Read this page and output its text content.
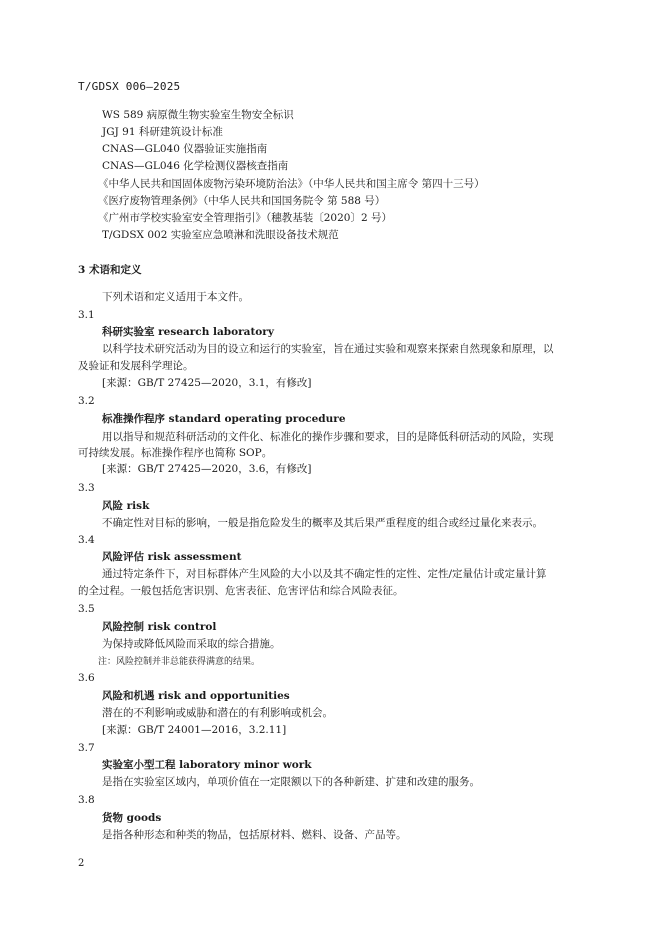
T/GDSX 006—2025
WS 589 病原微生物实验室生物安全标识
JGJ 91 科研建筑设计标准
CNAS—GL040 仪器验证实施指南
CNAS—GL046 化学检测仪器核查指南
《中华人民共和国固体废物污染环境防治法》（中华人民共和国主席令 第四十三号）
《医疗废物管理条例》（中华人民共和国国务院令 第 588 号）
《广州市学校实验室安全管理指引》（穗教基装〔2020〕2 号）
T/GDSX 002 实验室应急喷淋和洗眼设备技术规范
3 术语和定义
下列术语和定义适用于本文件。
3.1
科研实验室 research laboratory
以科学技术研究活动为目的设立和运行的实验室，旨在通过实验和观察来探索自然现象和原理，以
及验证和发展科学理论。
[来源：GB/T 27425—2020，3.1，有修改]
3.2
标准操作程序 standard operating procedure
用以指导和规范科研活动的文件化、标准化的操作步骤和要求，目的是降低科研活动的风险，实现
可持续发展。标准操作程序也简称 SOP。
[来源：GB/T 27425—2020，3.6，有修改]
3.3
风险 risk
不确定性对目标的影响，一般是指危险发生的概率及其后果严重程度的组合或经过量化来表示。
3.4
风险评估 risk assessment
通过特定条件下，对目标群体产生风险的大小以及其不确定性的定性、定性/定量估计或定量计算
的全过程。一般包括危害识别、危害表征、危害评估和综合风险表征。
3.5
风险控制 risk control
为保持或降低风险而采取的综合措施。
注：风险控制并非总能获得满意的结果。
3.6
风险和机遇 risk and opportunities
潜在的不利影响或威胁和潜在的有利影响或机会。
[来源：GB/T 24001—2016，3.2.11]
3.7
实验室小型工程 laboratory minor work
是指在实验室区域内，单项价值在一定限额以下的各种新建、扩建和改建的服务。
3.8
货物 goods
是指各种形态和种类的物品，包括原材料、燃料、设备、产品等。
2
